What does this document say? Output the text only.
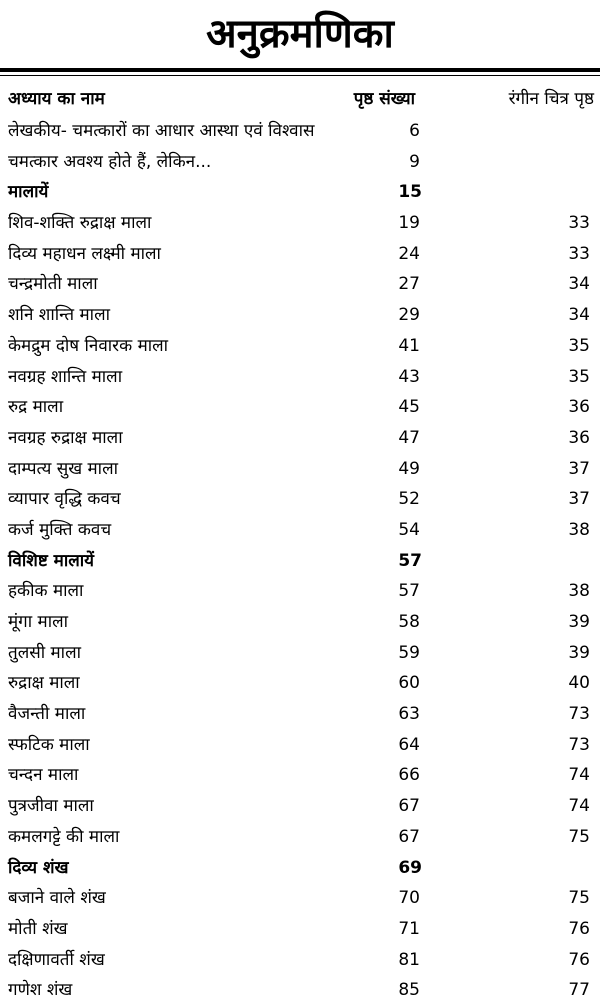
अनुक्रमणिका
अध्याय का नाम	पृष्ठ संख्या	रंगीन चित्र पृष्ठ
लेखकीय- चमत्कारों का आधार आस्था एवं विश्वास	6
चमत्कार अवश्य होते हैं, लेकिन...	9
मालायें	15
शिव-शक्ति रुद्राक्ष माला	19	33
दिव्य महाधन लक्ष्मी माला	24	33
चन्द्रमोती माला	27	34
शनि शान्ति माला	29	34
केमद्रुम दोष निवारक माला	41	35
नवग्रह शान्ति माला	43	35
रुद्र माला	45	36
नवग्रह रुद्राक्ष माला	47	36
दाम्पत्य सुख माला	49	37
व्यापार वृद्धि कवच	52	37
कर्ज मुक्ति कवच	54	38
विशिष्ट मालायें	57
हकीक माला	57	38
मूंगा माला	58	39
तुलसी माला	59	39
रुद्राक्ष माला	60	40
वैजन्ती माला	63	73
स्फटिक माला	64	73
चन्दन माला	66	74
पुत्रजीवा माला	67	74
कमलगट्टे की माला	67	75
दिव्य शंख	69
बजाने वाले शंख	70	75
मोती शंख	71	76
दक्षिणावर्ती शंख	81	76
गणेश शंख	85	77
